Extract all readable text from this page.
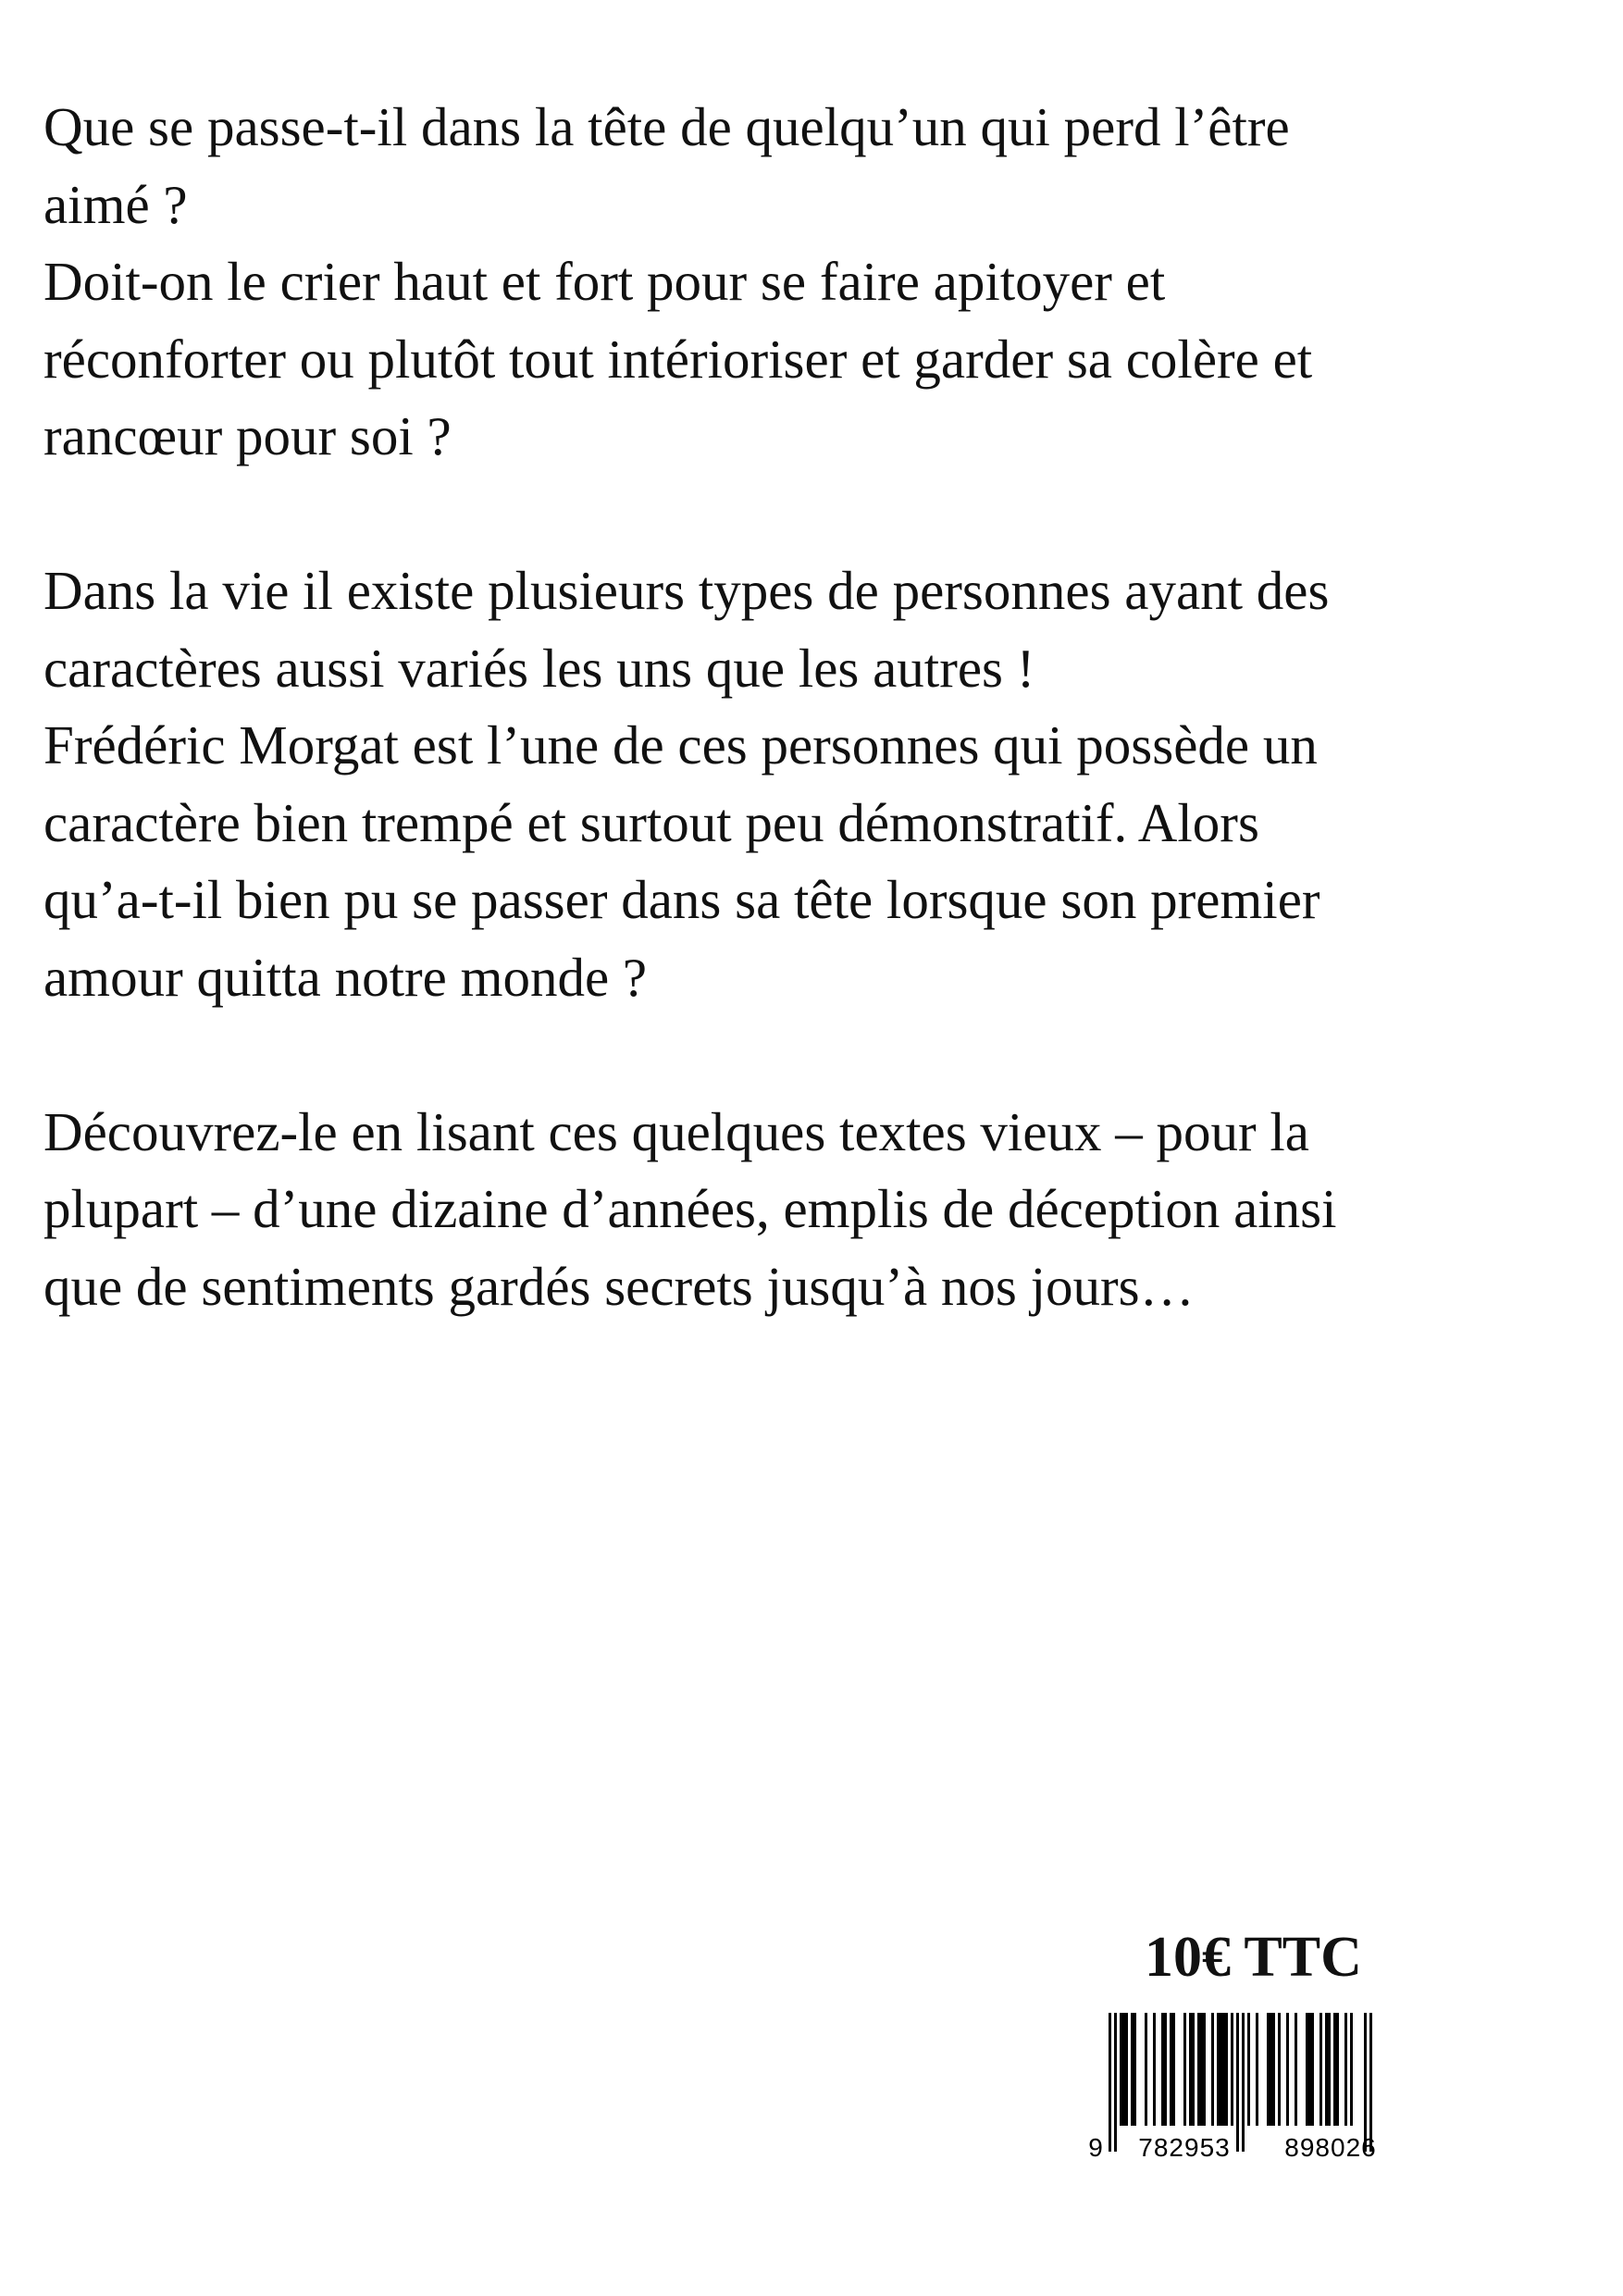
Que se passe-t-il dans la tête de quelqu’un qui perd l’être
aimé ?
Doit-on le crier haut et fort pour se faire apitoyer et
réconforter ou plutôt tout intérioriser et garder sa colère et
rancœur pour soi ?
Dans la vie il existe plusieurs types de personnes ayant des
caractères aussi variés les uns que les autres !
Frédéric Morgat est l’une de ces personnes qui possède un
caractère bien trempé et surtout peu démonstratif. Alors
qu’a-t-il bien pu se passer dans sa tête lorsque son premier
amour quitta notre monde ?
Découvrez-le en lisant ces quelques textes vieux – pour la
plupart – d’une dizaine d’années, emplis de déception ainsi
que de sentiments gardés secrets jusqu’à nos jours…
10€ TTC
9 782953 898026
